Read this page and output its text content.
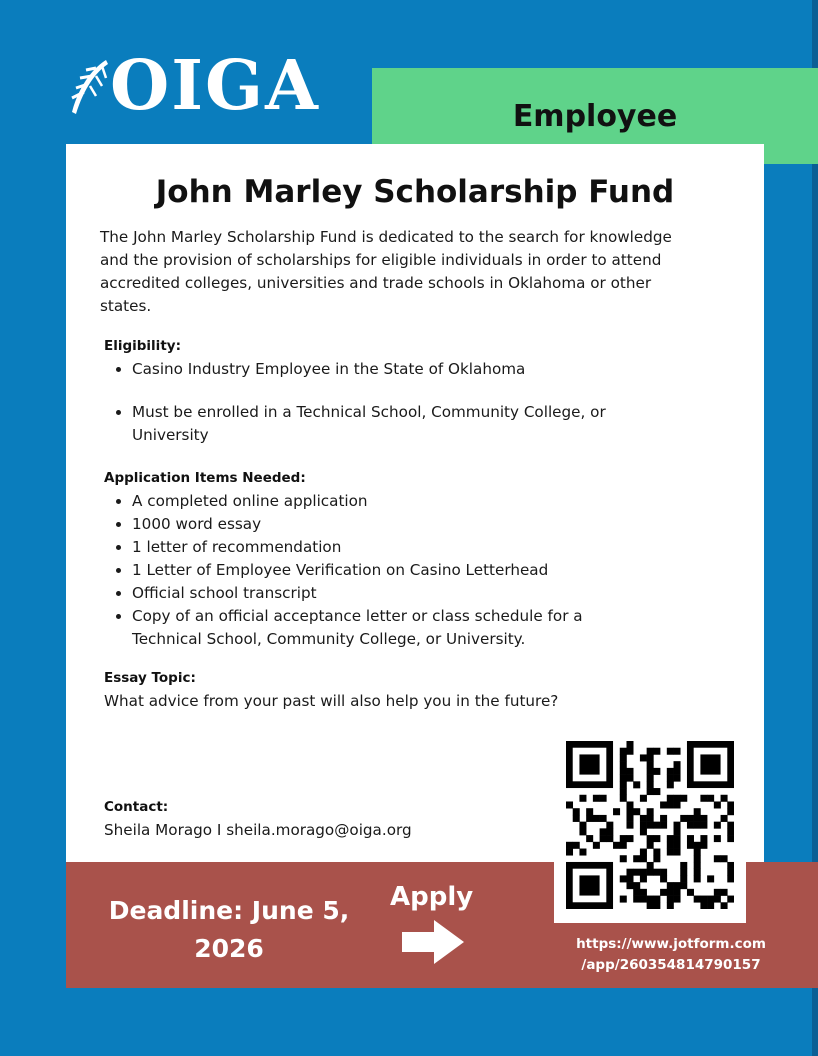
OIGA	Employee
John Marley Scholarship Fund
The John Marley Scholarship Fund is dedicated to the search for knowledge and the provision of scholarships for eligible individuals in order to attend accredited colleges, universities and trade schools in Oklahoma or other states.
Eligibility:
• Casino Industry Employee in the State of Oklahoma
• Must be enrolled in a Technical School, Community College, or University
Application Items Needed:
• A completed online application
• 1000 word essay
• 1 letter of recommendation
• 1 Letter of Employee Verification on Casino Letterhead
• Official school transcript
• Copy of an official acceptance letter or class schedule for a Technical School, Community College, or University.
Essay Topic:
What advice from your past will also help you in the future?
Contact:
Sheila Morago I sheila.morago@oiga.org
Deadline: June 5,
2026
Apply
https://www.jotform.com
/app/260354814790157
